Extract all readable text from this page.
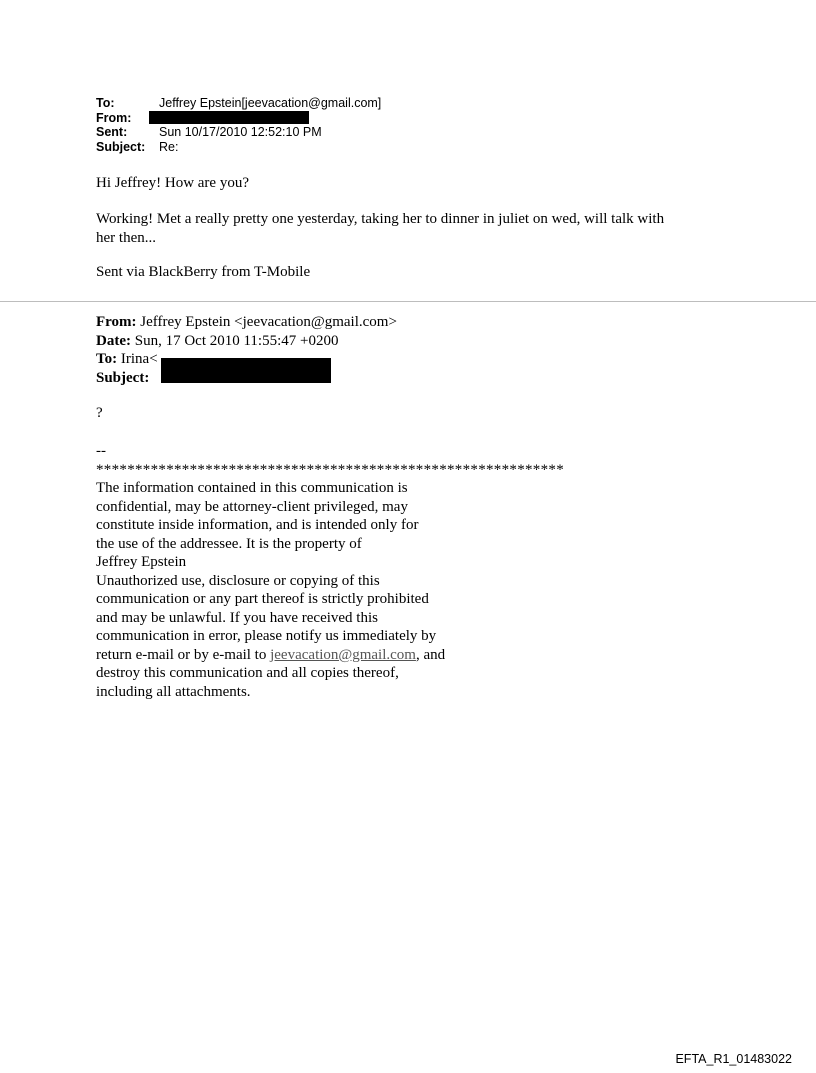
To:	Jeffrey Epstein[jeevacation@gmail.com]
From:
Sent:	Sun 10/17/2010 12:52:10 PM
Subject:	Re:
Hi Jeffrey! How are you?
Working! Met a really pretty one yesterday, taking her to dinner in juliet on wed, will talk with
her then...
Sent via BlackBerry from T-Mobile
From: Jeffrey Epstein <jeevacation@gmail.com>
Date: Sun, 17 Oct 2010 11:55:47 +0200
To: Irina<
Subject:
?
--
************************************************************
The information contained in this communication is
confidential, may be attorney-client privileged, may
constitute inside information, and is intended only for
the use of the addressee. It is the property of
Jeffrey Epstein
Unauthorized use, disclosure or copying of this
communication or any part thereof is strictly prohibited
and may be unlawful. If you have received this
communication in error, please notify us immediately by
return e-mail or by e-mail to jeevacation@gmail.com, and
destroy this communication and all copies thereof,
including all attachments.
EFTA_R1_01483022
